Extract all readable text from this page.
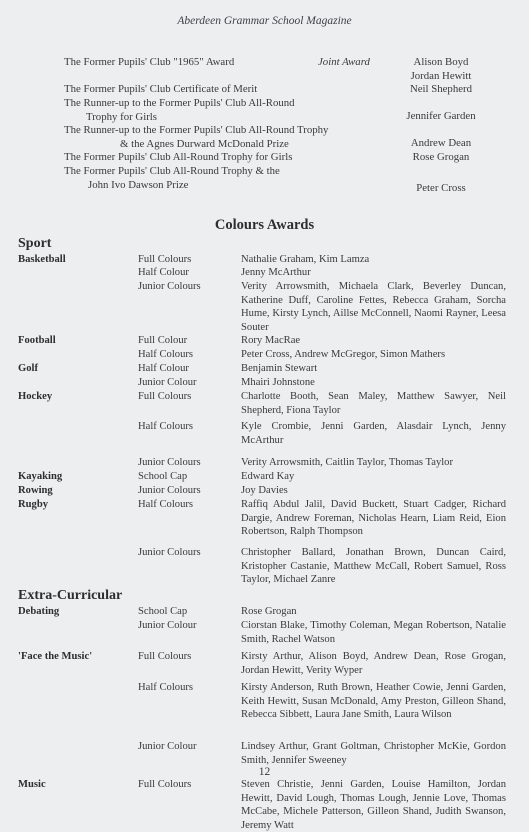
Aberdeen Grammar School Magazine
The Former Pupils' Club "1965" Award	Joint Award	Alison Boyd
Jordan Hewitt
The Former Pupils' Club Certificate of Merit	Neil Shepherd
The Runner-up to the Former Pupils' Club All-Round
Trophy for Girls	Jennifer Garden
The Runner-up to the Former Pupils' Club All-Round Trophy
& the Agnes Durward McDonald Prize	Andrew Dean
The Former Pupils' Club All-Round Trophy for Girls	Rose Grogan
The Former Pupils' Club All-Round Trophy & the
John Ivo Dawson Prize	Peter Cross
Colours Awards
Sport
Basketball	Full Colours	Nathalie Graham, Kim Lamza
Half Colour	Jenny McArthur
Junior Colours	Verity Arrowsmith, Michaela Clark, Beverley Duncan, Katherine Duff, Caroline Fettes, Rebecca Graham, Sorcha Hume, Kirsty Lynch, Aillse McConnell, Naomi Rayner, Leesa Souter
Football	Full Colour	Rory MacRae
Half Colours	Peter Cross, Andrew McGregor, Simon Mathers
Golf	Half Colour	Benjamin Stewart
Junior Colour	Mhairi Johnstone
Hockey	Full Colours	Charlotte Booth, Sean Maley, Matthew Sawyer, Neil Shepherd, Fiona Taylor
Half Colours	Kyle Crombie, Jenni Garden, Alasdair Lynch, Jenny McArthur
Junior Colours	Verity Arrowsmith, Caitlin Taylor, Thomas Taylor
Kayaking	School Cap	Edward Kay
Rowing	Junior Colours	Joy Davies
Rugby	Half Colours	Raffiq Abdul Jalil, David Buckett, Stuart Cadger, Richard Dargie, Andrew Foreman, Nicholas Hearn, Liam Reid, Eion Robertson, Ralph Thompson
Junior Colours	Christopher Ballard, Jonathan Brown, Duncan Caird, Kristopher Castanie, Matthew McCall, Robert Samuel, Ross Taylor, Michael Zanre
Extra-Curricular
Debating	School Cap	Rose Grogan
Junior Colour	Ciorstan Blake, Timothy Coleman, Megan Robertson, Natalie Smith, Rachel Watson
'Face the Music'	Full Colours	Kirsty Arthur, Alison Boyd, Andrew Dean, Rose Grogan, Jordan Hewitt, Verity Wyper
Half Colours	Kirsty Anderson, Ruth Brown, Heather Cowie, Jenni Garden, Keith Hewitt, Susan McDonald, Amy Preston, Gilleon Shand, Rebecca Sibbett, Laura Jane Smith, Laura Wilson
Junior Colour	Lindsey Arthur, Grant Goltman, Christopher McKie, Gordon Smith, Jennifer Sweeney
Music	Full Colours	Steven Christie, Jenni Garden, Louise Hamilton, Jordan Hewitt, David Lough, Thomas Lough, Jennie Love, Thomas McCabe, Michele Patterson, Gilleon Shand, Judith Swanson, Jeremy Watt
12
